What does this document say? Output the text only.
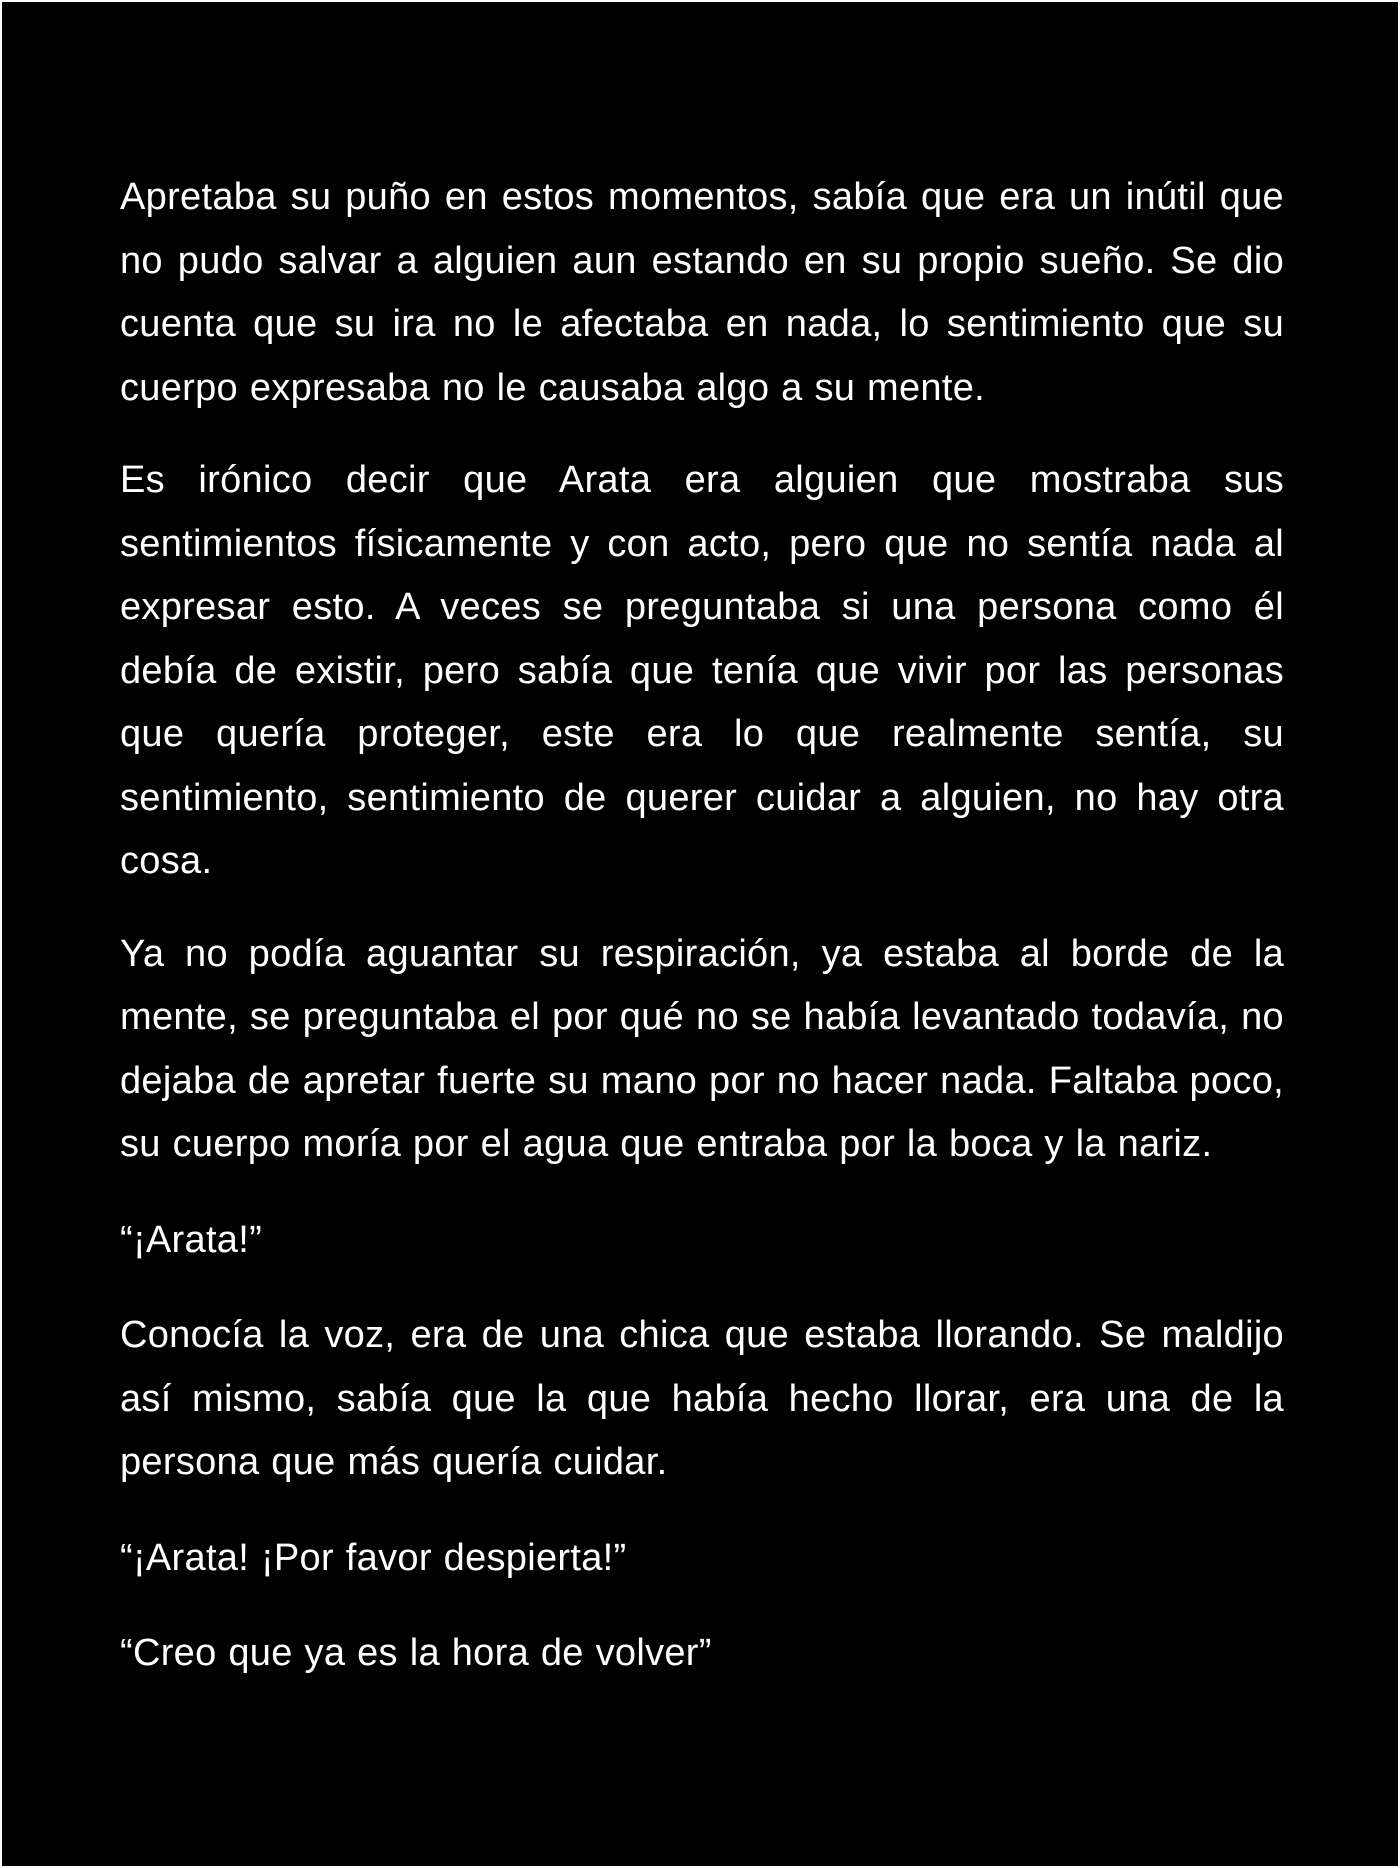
Apretaba su puño en estos momentos, sabía que era un inútil que no pudo salvar a alguien aun estando en su propio sueño. Se dio cuenta que su ira no le afectaba en nada, lo sentimiento que su cuerpo expresaba no le causaba algo a su mente.

Es irónico decir que Arata era alguien que mostraba sus sentimientos físicamente y con acto, pero que no sentía nada al expresar esto. A veces se preguntaba si una persona como él debía de existir, pero sabía que tenía que vivir por las personas que quería proteger, este era lo que realmente sentía, su sentimiento, sentimiento de querer cuidar a alguien, no hay otra cosa.

Ya no podía aguantar su respiración, ya estaba al borde de la mente, se preguntaba el por qué no se había levantado todavía, no dejaba de apretar fuerte su mano por no hacer nada. Faltaba poco, su cuerpo moría por el agua que entraba por la boca y la nariz.

“¡Arata!”

Conocía la voz, era de una chica que estaba llorando. Se maldijo así mismo, sabía que la que había hecho llorar, era una de la persona que más quería cuidar.

“¡Arata! ¡Por favor despierta!”

“Creo que ya es la hora de volver”
